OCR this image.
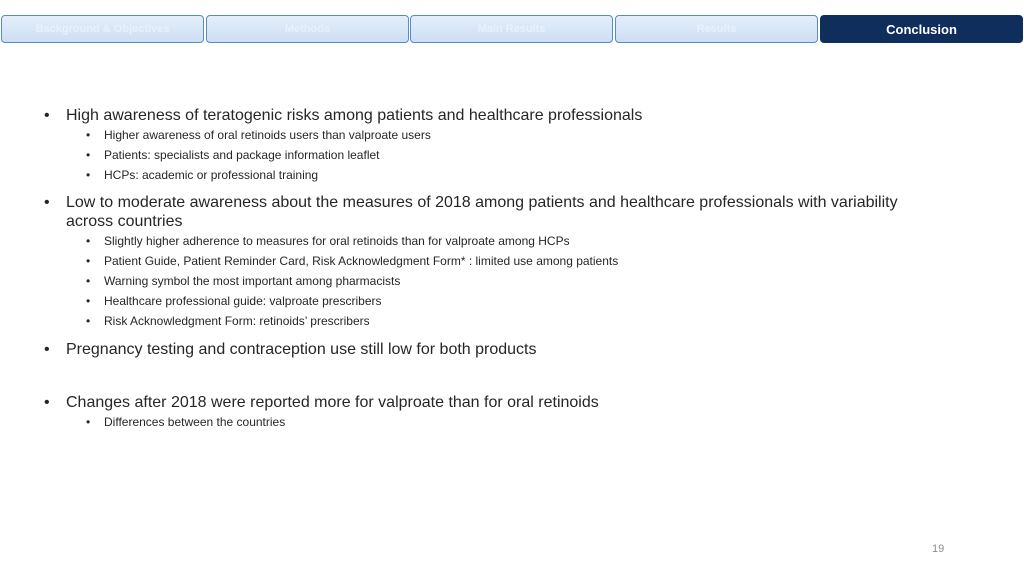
Background & Objectives	Methods	Main Results	Results	Conclusion
• High awareness of teratogenic risks among patients and healthcare professionals
• Higher awareness of oral retinoids users than valproate users
• Patients: specialists and package information leaflet
• HCPs: academic or professional training
• Low to moderate awareness about the measures of 2018 among patients and healthcare professionals with variability across countries
• Slightly higher adherence to measures for oral retinoids than for valproate among HCPs
• Patient Guide, Patient Reminder Card, Risk Acknowledgment Form* : limited use among patients
• Warning symbol the most important among pharmacists
• Healthcare professional guide: valproate prescribers
• Risk Acknowledgment Form: retinoids’ prescribers
• Pregnancy testing and contraception use still low for both products
• Changes after 2018 were reported more for valproate than for oral retinoids
• Differences between the countries
19
